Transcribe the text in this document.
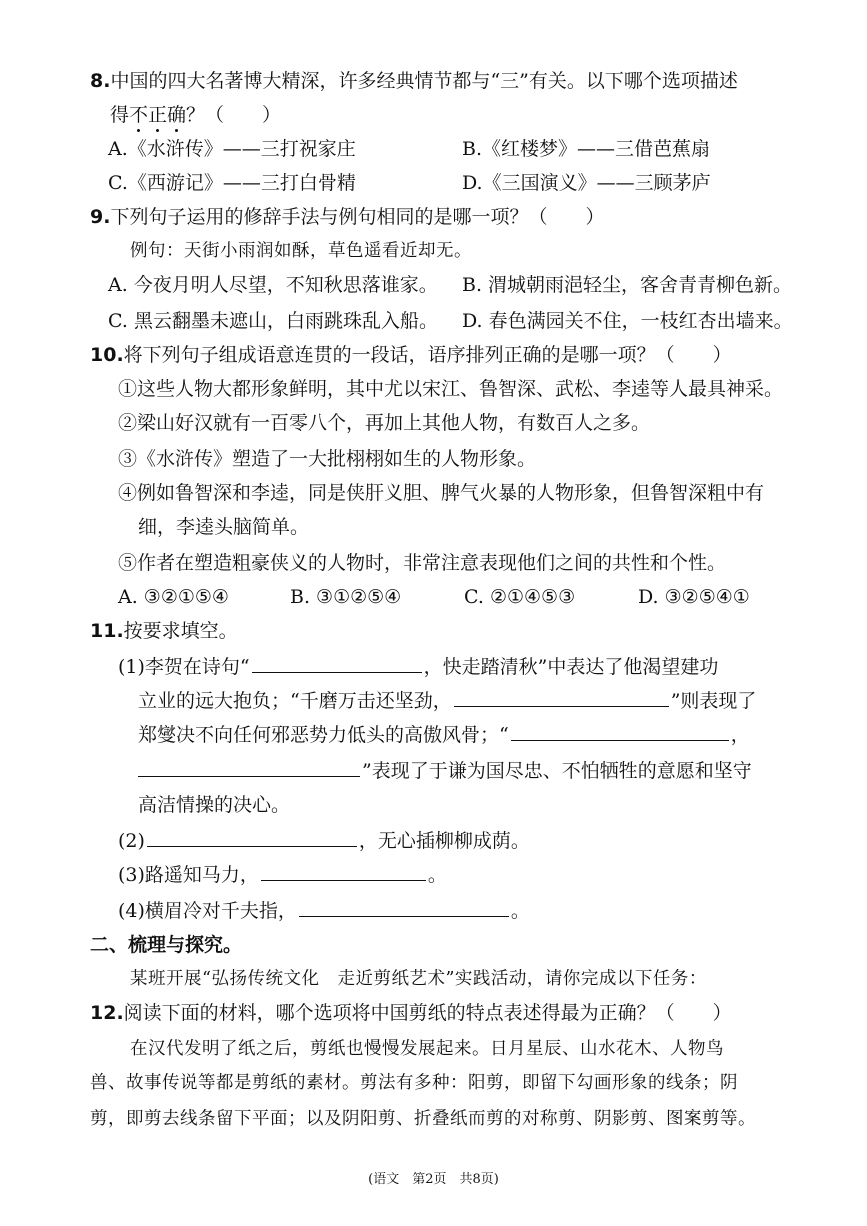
8.中国的四大名著博大精深，许多经典情节都与“三”有关。以下哪个选项描述
得不正确？（　　）
A.《水浒传》——三打祝家庄	B.《红楼梦》——三借芭蕉扇
C.《西游记》——三打白骨精	D.《三国演义》——三顾茅庐
9.下列句子运用的修辞手法与例句相同的是哪一项？（　　）
例句：天街小雨润如酥，草色遥看近却无。
A. 今夜月明人尽望，不知秋思落谁家。 B. 渭城朝雨浥轻尘，客舍青青柳色新。
C. 黑云翻墨未遮山，白雨跳珠乱入船。 D. 春色满园关不住，一枝红杏出墙来。
10.将下列句子组成语意连贯的一段话，语序排列正确的是哪一项？（　　）
①这些人物大都形象鲜明，其中尤以宋江、鲁智深、武松、李逵等人最具神采。
②梁山好汉就有一百零八个，再加上其他人物，有数百人之多。
③《水浒传》塑造了一大批栩栩如生的人物形象。
④例如鲁智深和李逵，同是侠肝义胆、脾气火暴的人物形象，但鲁智深粗中有
细，李逵头脑简单。
⑤作者在塑造粗豪侠义的人物时，非常注意表现他们之间的共性和个性。
A. ③②①⑤④	B. ③①②⑤④	C. ②①④⑤③	D. ③②⑤④①
11.按要求填空。
(1)李贺在诗句“	，快走踏清秋”中表达了他渴望建功
立业的远大抱负；“千磨万击还坚劲，	”则表现了
郑燮决不向任何邪恶势力低头的高傲风骨；“	，
”表现了于谦为国尽忠、不怕牺牲的意愿和坚守
高洁情操的决心。
(2)	，无心插柳柳成荫。
(3)路遥知马力，	。
(4)横眉冷对千夫指，	。
二、梳理与探究。
某班开展“弘扬传统文化　走近剪纸艺术”实践活动，请你完成以下任务：
12.阅读下面的材料，哪个选项将中国剪纸的特点表述得最为正确？（　　）
在汉代发明了纸之后，剪纸也慢慢发展起来。日月星辰、山水花木、人物鸟
兽、故事传说等都是剪纸的素材。剪法有多种：阳剪，即留下勾画形象的线条；阴
剪，即剪去线条留下平面；以及阴阳剪、折叠纸而剪的对称剪、阴影剪、图案剪等。
(语文　第2页　共8页)
